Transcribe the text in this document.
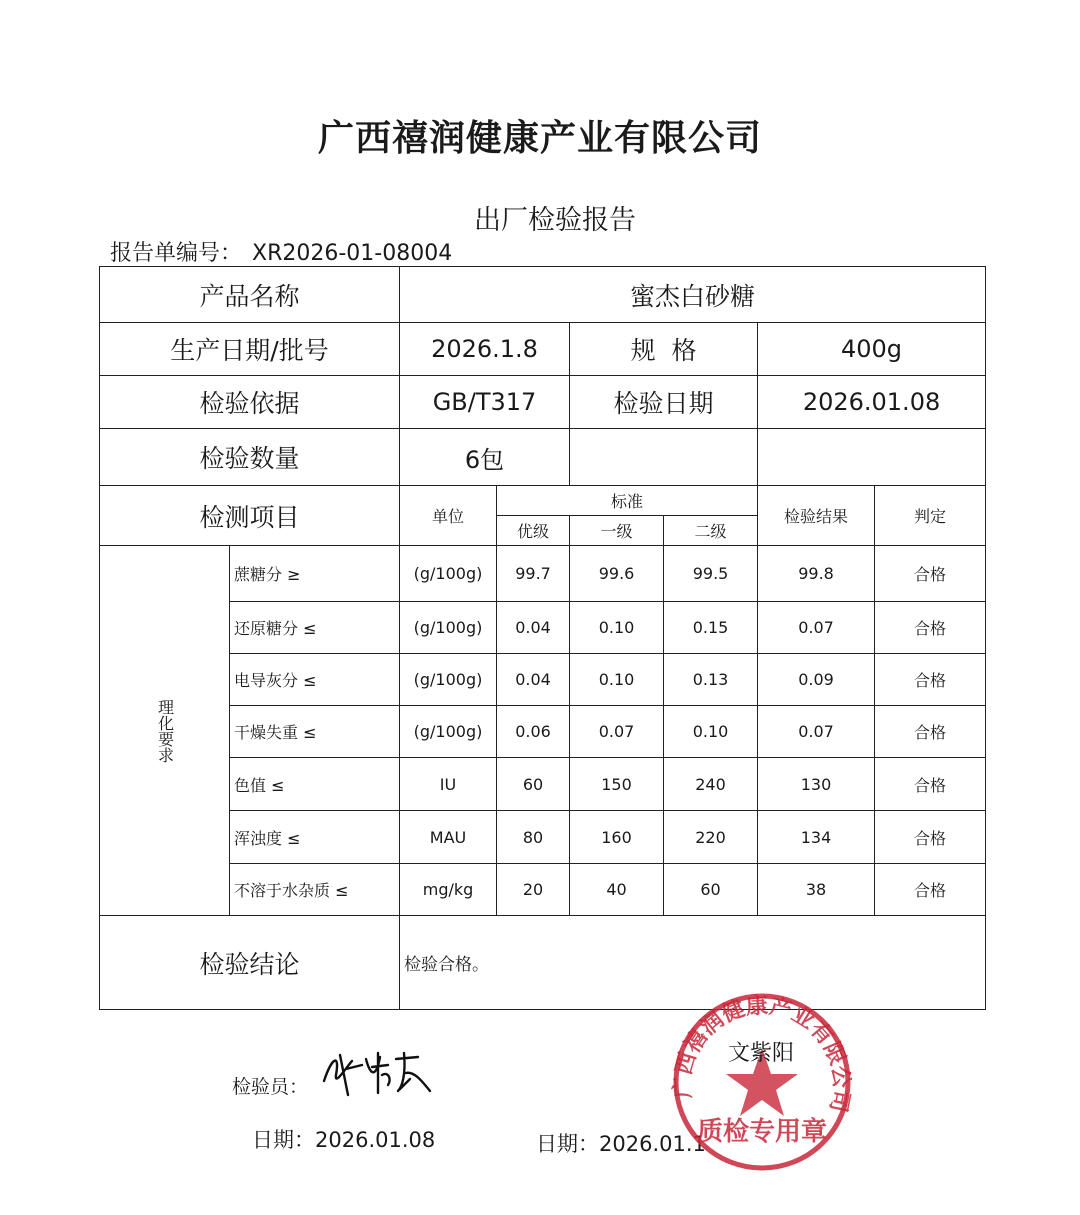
广西禧润健康产业有限公司
出厂检验报告
报告单编号： XR2026-01-08004
产品名称		蜜杰白砂糖					
生产日期/批号		2026.1.8		规  格		400g	
检验依据		GB/T317		检验日期		2026.01.08	
检验数量		6包					
检测项目		单位	标准			检验结果	判定
			优级	一级	二级		
理化要求	蔗糖分 ≥	(g/100g)	99.7	99.6	99.5	99.8	合格
	还原糖分 ≤	(g/100g)	0.04	0.10	0.15	0.07	合格
	电导灰分 ≤	(g/100g)	0.04	0.10	0.13	0.09	合格
	干燥失重 ≤	(g/100g)	0.06	0.07	0.10	0.07	合格
	色值 ≤	IU	60	150	240	130	合格
	浑浊度 ≤	MAU	80	160	220	134	合格
	不溶于水杂质 ≤	mg/kg	20	40	60	38	合格
检验结论		检验合格。					
检验员：
日期：2026.01.08	日期：2026.01.1
广西禧润健康产业有限公司
质检专用章
文紫阳
